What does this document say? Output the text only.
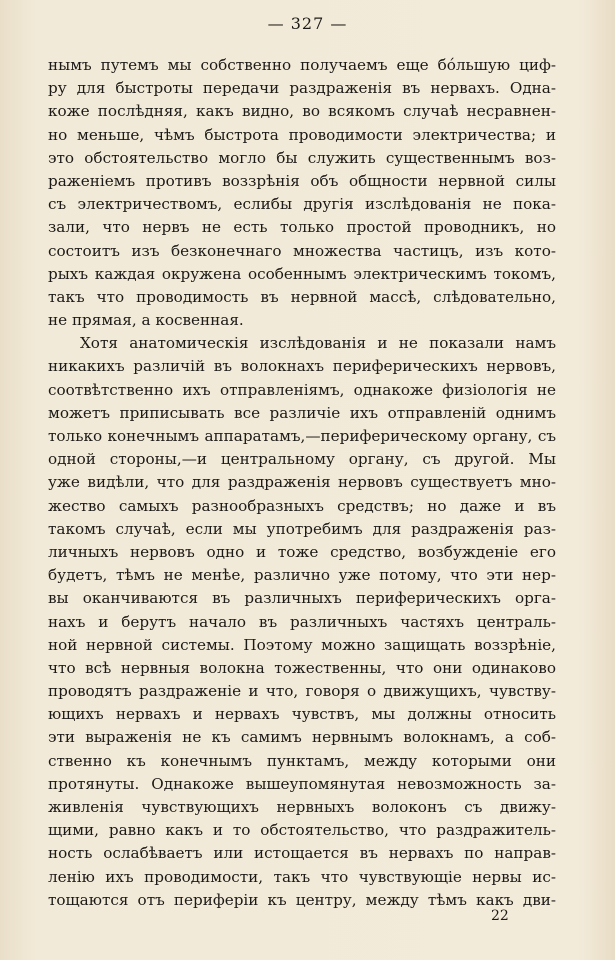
— 327 —
нымъ путемъ мы собственно получаемъ еще бо́льшую циф-
ру для быстроты передачи раздраженія въ нервахъ. Одна-
коже послѣдняя, какъ видно, во всякомъ случаѣ несравнен-
но меньше, чѣмъ быстрота проводимости электричества; и
это обстоятельство могло бы служить существеннымъ воз-
раженіемъ противъ воззрѣнія объ общности нервной силы
съ электричествомъ, еслибы другія изслѣдованія не пока-
зали, что нервъ не есть только простой проводникъ, но
состоитъ изъ безконечнаго множества частицъ, изъ кото-
рыхъ каждая окружена особеннымъ электрическимъ токомъ,
такъ что проводимость въ нервной массѣ, слѣдовательно,
не прямая, а косвенная.
Хотя анатомическія изслѣдованія и не показали намъ
никакихъ различій въ волокнахъ периферическихъ нервовъ,
соотвѣтственно ихъ отправленіямъ, однакоже физіологія не
можетъ приписывать все различіе ихъ отправленій однимъ
только конечнымъ аппаратамъ,—периферическому органу, съ
одной стороны,—и центральному органу, съ другой. Мы
уже видѣли, что для раздраженія нервовъ существуетъ мно-
жество самыхъ разнообразныхъ средствъ; но даже и въ
такомъ случаѣ, если мы употребимъ для раздраженія раз-
личныхъ нервовъ одно и тоже средство, возбужденіе его
будетъ, тѣмъ не менѣе, различно уже потому, что эти нер-
вы оканчиваются въ различныхъ периферическихъ орга-
нахъ и берутъ начало въ различныхъ частяхъ централь-
ной нервной системы. Поэтому можно защищать воззрѣніе,
что всѣ нервныя волокна тожественны, что они одинаково
проводятъ раздраженіе и что, говоря о движущихъ, чувству-
ющихъ нервахъ и нервахъ чувствъ, мы должны относить
эти выраженія не къ самимъ нервнымъ волокнамъ, а соб-
ственно къ конечнымъ пунктамъ, между которыми они
протянуты. Однакоже вышеупомянутая невозможность за-
живленія чувствующихъ нервныхъ волоконъ съ движу-
щими, равно какъ и то обстоятельство, что раздражитель-
ность ослабѣваетъ или истощается въ нервахъ по направ-
ленію ихъ проводимости, такъ что чувствующіе нервы ис-
тощаются отъ периферіи къ центру, между тѣмъ какъ дви-
22
